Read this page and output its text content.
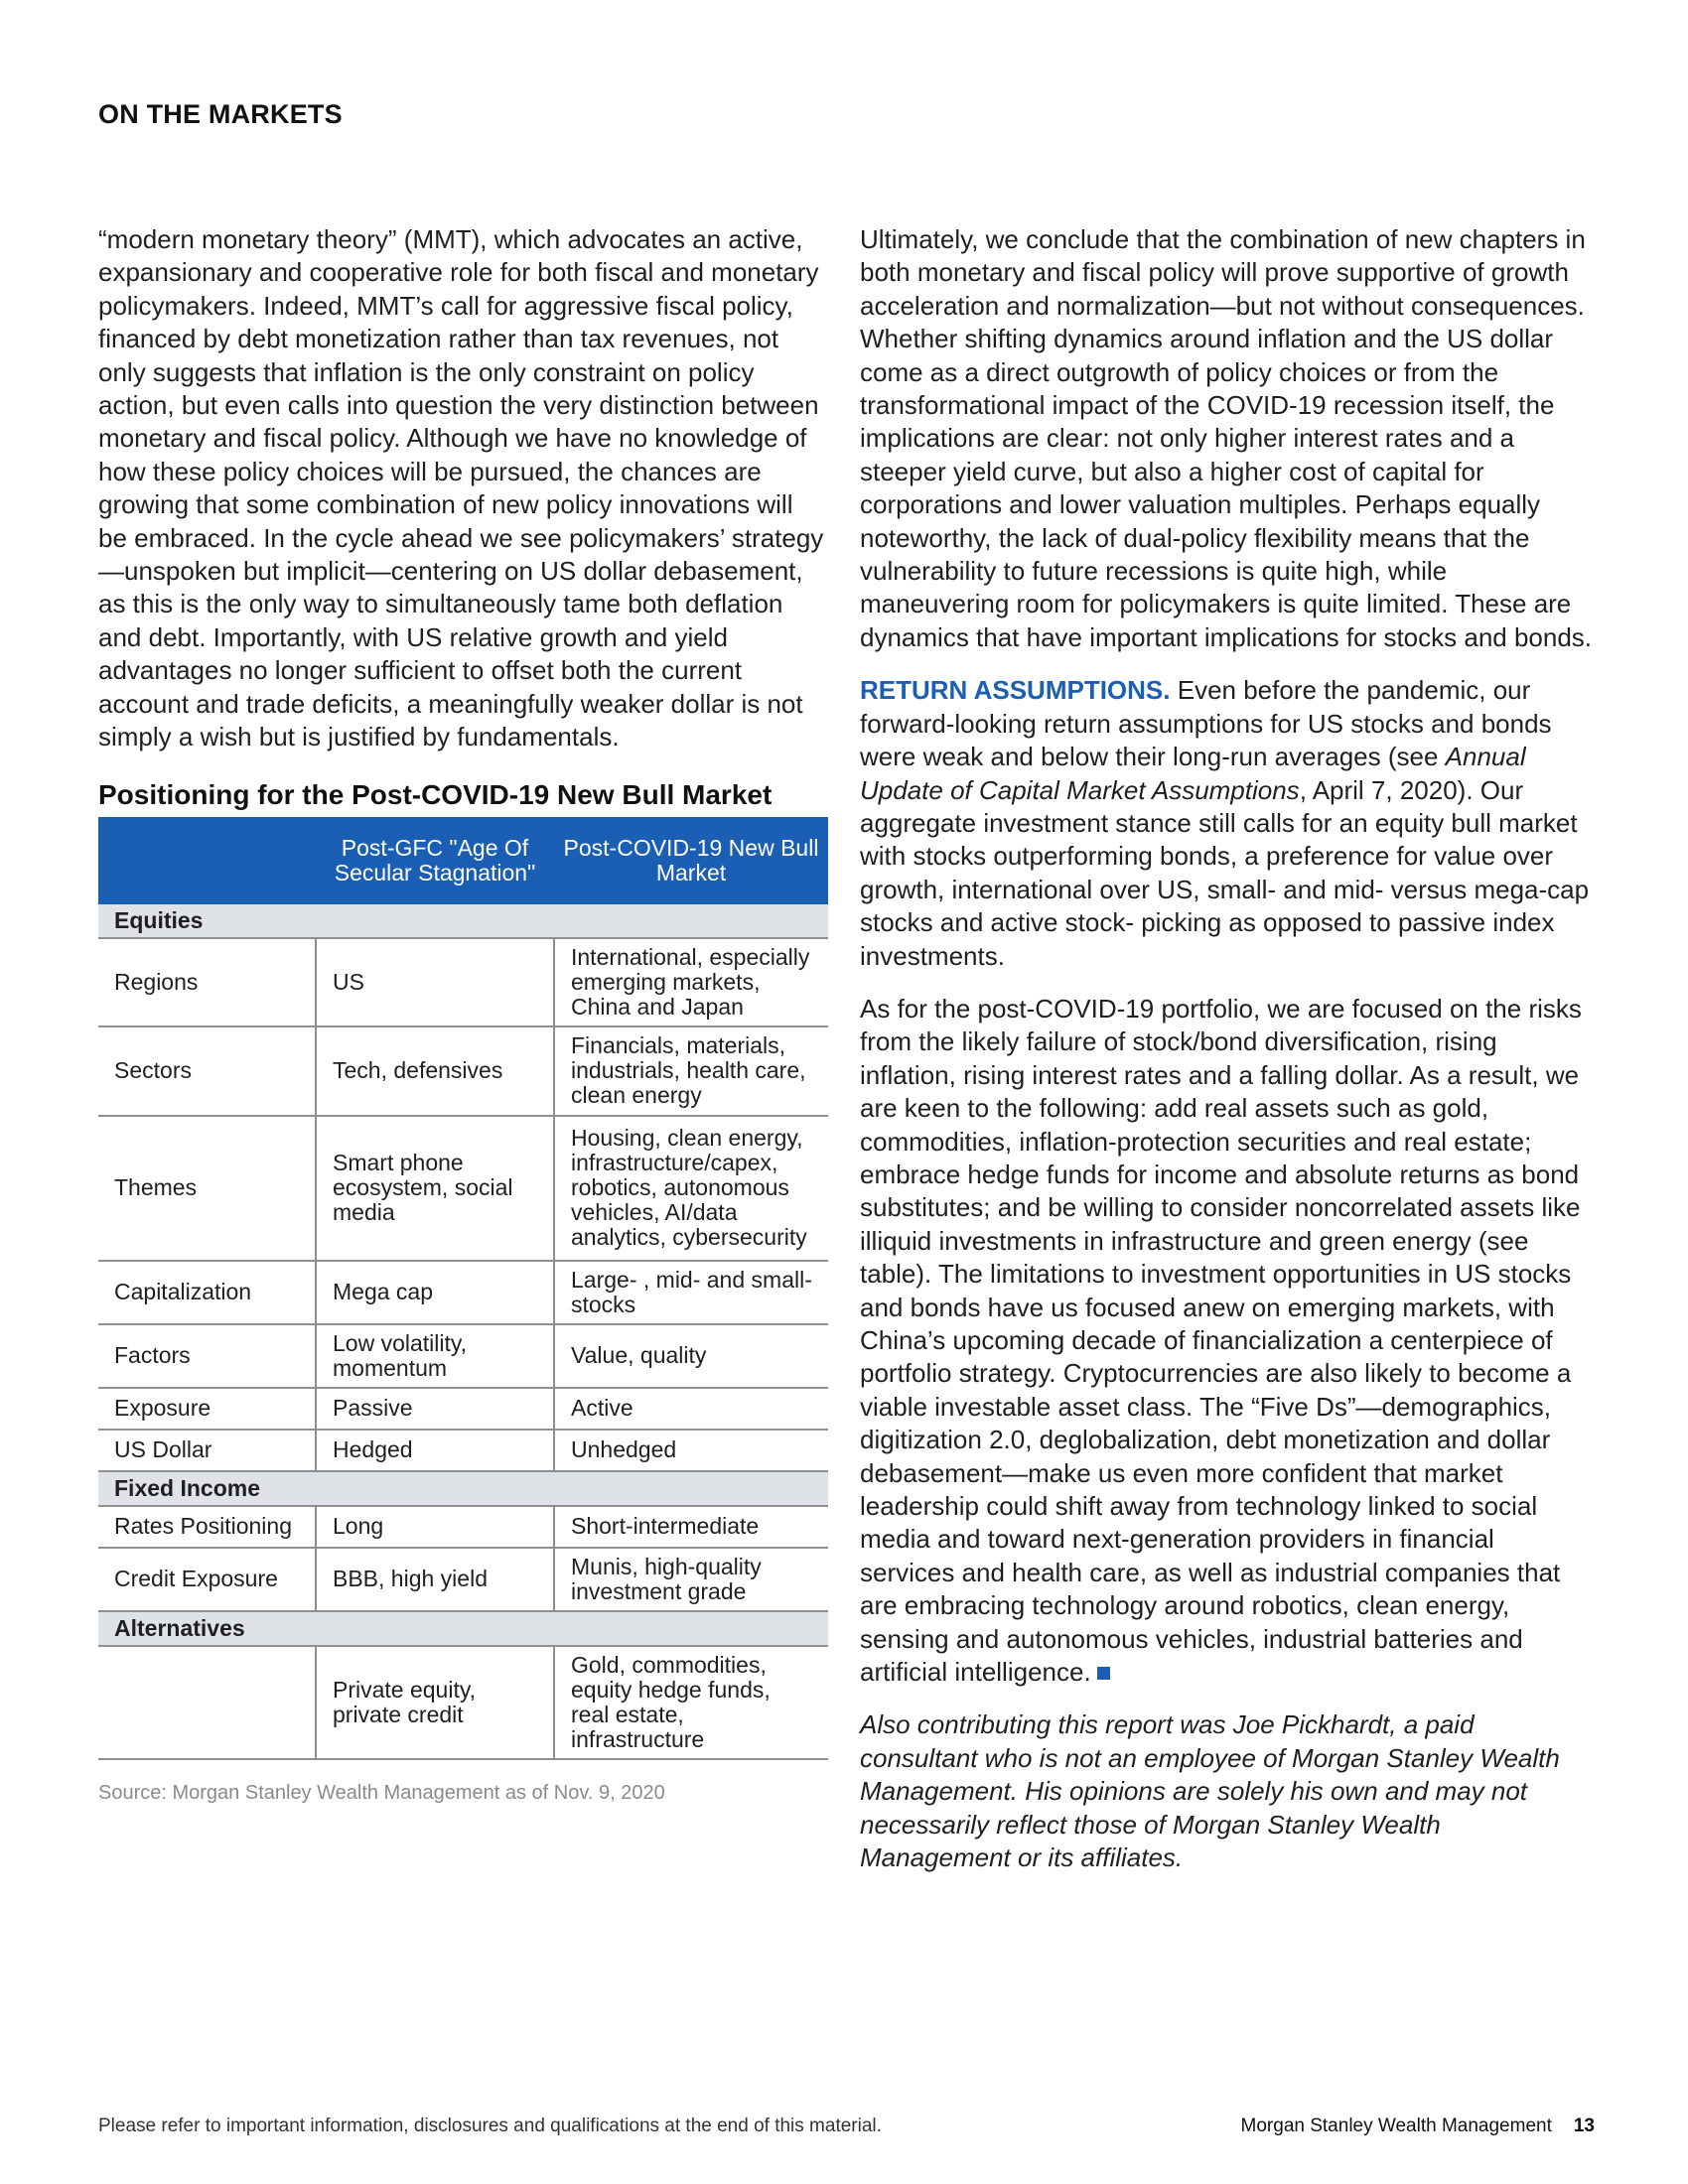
ON THE MARKETS

“modern monetary theory” (MMT), which advocates an active, expansionary and cooperative role for both fiscal and monetary policymakers. Indeed, MMT’s call for aggressive fiscal policy, financed by debt monetization rather than tax revenues, not only suggests that inflation is the only constraint on policy action, but even calls into question the very distinction between monetary and fiscal policy. Although we have no knowledge of how these policy choices will be pursued, the chances are growing that some combination of new policy innovations will be embraced. In the cycle ahead we see policymakers’ strategy—unspoken but implicit—centering on US dollar debasement, as this is the only way to simultaneously tame both deflation and debt. Importantly, with US relative growth and yield advantages no longer sufficient to offset both the current account and trade deficits, a meaningfully weaker dollar is not simply a wish but is justified by fundamentals.

Positioning for the Post-COVID-19 New Bull Market
	Post-GFC "Age Of Secular Stagnation"	Post-COVID-19 New Bull Market
Equities		
Regions	US	International, especially emerging markets, China and Japan
Sectors	Tech, defensives	Financials, materials, industrials, health care, clean energy
Themes	Smart phone ecosystem, social media	Housing, clean energy, infrastructure/capex, robotics, autonomous vehicles, AI/data analytics, cybersecurity
Capitalization	Mega cap	Large- , mid- and small- stocks
Factors	Low volatility, momentum	Value, quality
Exposure	Passive	Active
US Dollar	Hedged	Unhedged
Fixed Income		
Rates Positioning	Long	Short-intermediate
Credit Exposure	BBB, high yield	Munis, high-quality investment grade
Alternatives		
	Private equity, private credit	Gold, commodities, equity hedge funds, real estate, infrastructure
Source: Morgan Stanley Wealth Management as of Nov. 9, 2020

Ultimately, we conclude that the combination of new chapters in both monetary and fiscal policy will prove supportive of growth acceleration and normalization—but not without consequences. Whether shifting dynamics around inflation and the US dollar come as a direct outgrowth of policy choices or from the transformational impact of the COVID-19 recession itself, the implications are clear: not only higher interest rates and a steeper yield curve, but also a higher cost of capital for corporations and lower valuation multiples. Perhaps equally noteworthy, the lack of dual-policy flexibility means that the vulnerability to future recessions is quite high, while maneuvering room for policymakers is quite limited. These are dynamics that have important implications for stocks and bonds.

RETURN ASSUMPTIONS. Even before the pandemic, our forward-looking return assumptions for US stocks and bonds were weak and below their long-run averages (see Annual Update of Capital Market Assumptions, April 7, 2020). Our aggregate investment stance still calls for an equity bull market with stocks outperforming bonds, a preference for value over growth, international over US, small- and mid- versus mega-cap stocks and active stock- picking as opposed to passive index investments.

As for the post-COVID-19 portfolio, we are focused on the risks from the likely failure of stock/bond diversification, rising inflation, rising interest rates and a falling dollar. As a result, we are keen to the following: add real assets such as gold, commodities, inflation-protection securities and real estate; embrace hedge funds for income and absolute returns as bond substitutes; and be willing to consider noncorrelated assets like illiquid investments in infrastructure and green energy (see table). The limitations to investment opportunities in US stocks and bonds have us focused anew on emerging markets, with China’s upcoming decade of financialization a centerpiece of portfolio strategy. Cryptocurrencies are also likely to become a viable investable asset class. The “Five Ds”—demographics, digitization 2.0, deglobalization, debt monetization and dollar debasement—make us even more confident that market leadership could shift away from technology linked to social media and toward next-generation providers in financial services and health care, as well as industrial companies that are embracing technology around robotics, clean energy, sensing and autonomous vehicles, industrial batteries and artificial intelligence.

Also contributing this report was Joe Pickhardt, a paid consultant who is not an employee of Morgan Stanley Wealth Management. His opinions are solely his own and may not necessarily reflect those of Morgan Stanley Wealth Management or its affiliates.

Please refer to important information, disclosures and qualifications at the end of this material.	Morgan Stanley Wealth Management 13
